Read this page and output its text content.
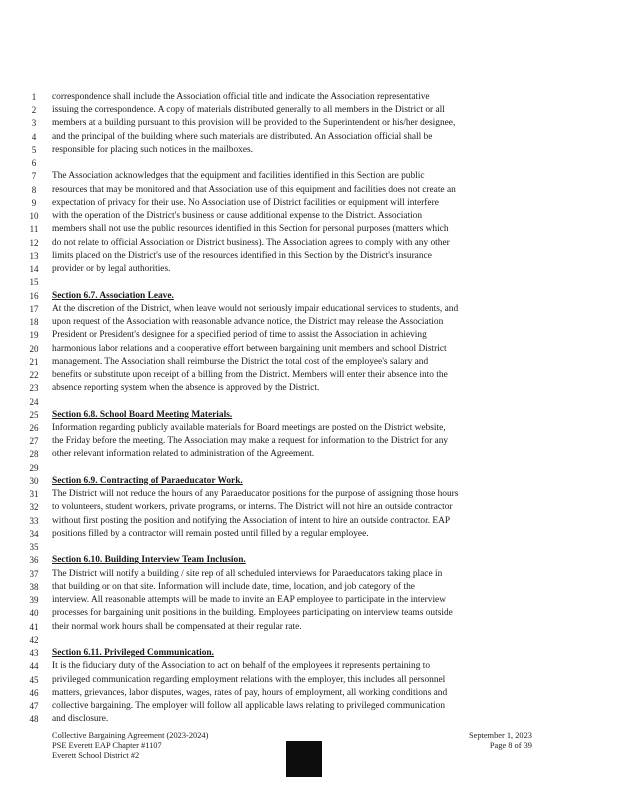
1	correspondence shall include the Association official title and indicate the Association representative
2	issuing the correspondence. A copy of materials distributed generally to all members in the District or all
3	members at a building pursuant to this provision will be provided to the Superintendent or his/her designee,
4	and the principal of the building where such materials are distributed. An Association official shall be
5	responsible for placing such notices in the mailboxes.
6
7	The Association acknowledges that the equipment and facilities identified in this Section are public
8	resources that may be monitored and that Association use of this equipment and facilities does not create an
9	expectation of privacy for their use. No Association use of District facilities or equipment will interfere
10	with the operation of the District's business or cause additional expense to the District. Association
11	members shall not use the public resources identified in this Section for personal purposes (matters which
12	do not relate to official Association or District business). The Association agrees to comply with any other
13	limits placed on the District's use of the resources identified in this Section by the District's insurance
14	provider or by legal authorities.
15
16	Section 6.7. Association Leave.
17	At the discretion of the District, when leave would not seriously impair educational services to students, and
18	upon request of the Association with reasonable advance notice, the District may release the Association
19	President or President's designee for a specified period of time to assist the Association in achieving
20	harmonious labor relations and a cooperative effort between bargaining unit members and school District
21	management. The Association shall reimburse the District the total cost of the employee's salary and
22	benefits or substitute upon receipt of a billing from the District. Members will enter their absence into the
23	absence reporting system when the absence is approved by the District.
24
25	Section 6.8. School Board Meeting Materials.
26	Information regarding publicly available materials for Board meetings are posted on the District website,
27	the Friday before the meeting. The Association may make a request for information to the District for any
28	other relevant information related to administration of the Agreement.
29
30	Section 6.9. Contracting of Paraeducator Work.
31	The District will not reduce the hours of any Paraeducator positions for the purpose of assigning those hours
32	to volunteers, student workers, private programs, or interns. The District will not hire an outside contractor
33	without first posting the position and notifying the Association of intent to hire an outside contractor. EAP
34	positions filled by a contractor will remain posted until filled by a regular employee.
35
36	Section 6.10. Building Interview Team Inclusion.
37	The District will notify a building / site rep of all scheduled interviews for Paraeducators taking place in
38	that building or on that site. Information will include date, time, location, and job category of the
39	interview. All reasonable attempts will be made to invite an EAP employee to participate in the interview
40	processes for bargaining unit positions in the building. Employees participating on interview teams outside
41	their normal work hours shall be compensated at their regular rate.
42
43	Section 6.11. Privileged Communication.
44	It is the fiduciary duty of the Association to act on behalf of the employees it represents pertaining to
45	privileged communication regarding employment relations with the employer, this includes all personnel
46	matters, grievances, labor disputes, wages, rates of pay, hours of employment, all working conditions and
47	collective bargaining. The employer will follow all applicable laws relating to privileged communication
48	and disclosure.
Collective Bargaining Agreement (2023-2024)
PSE Everett EAP Chapter #1107
Everett School District #2
September 1, 2023
Page 8 of 39
